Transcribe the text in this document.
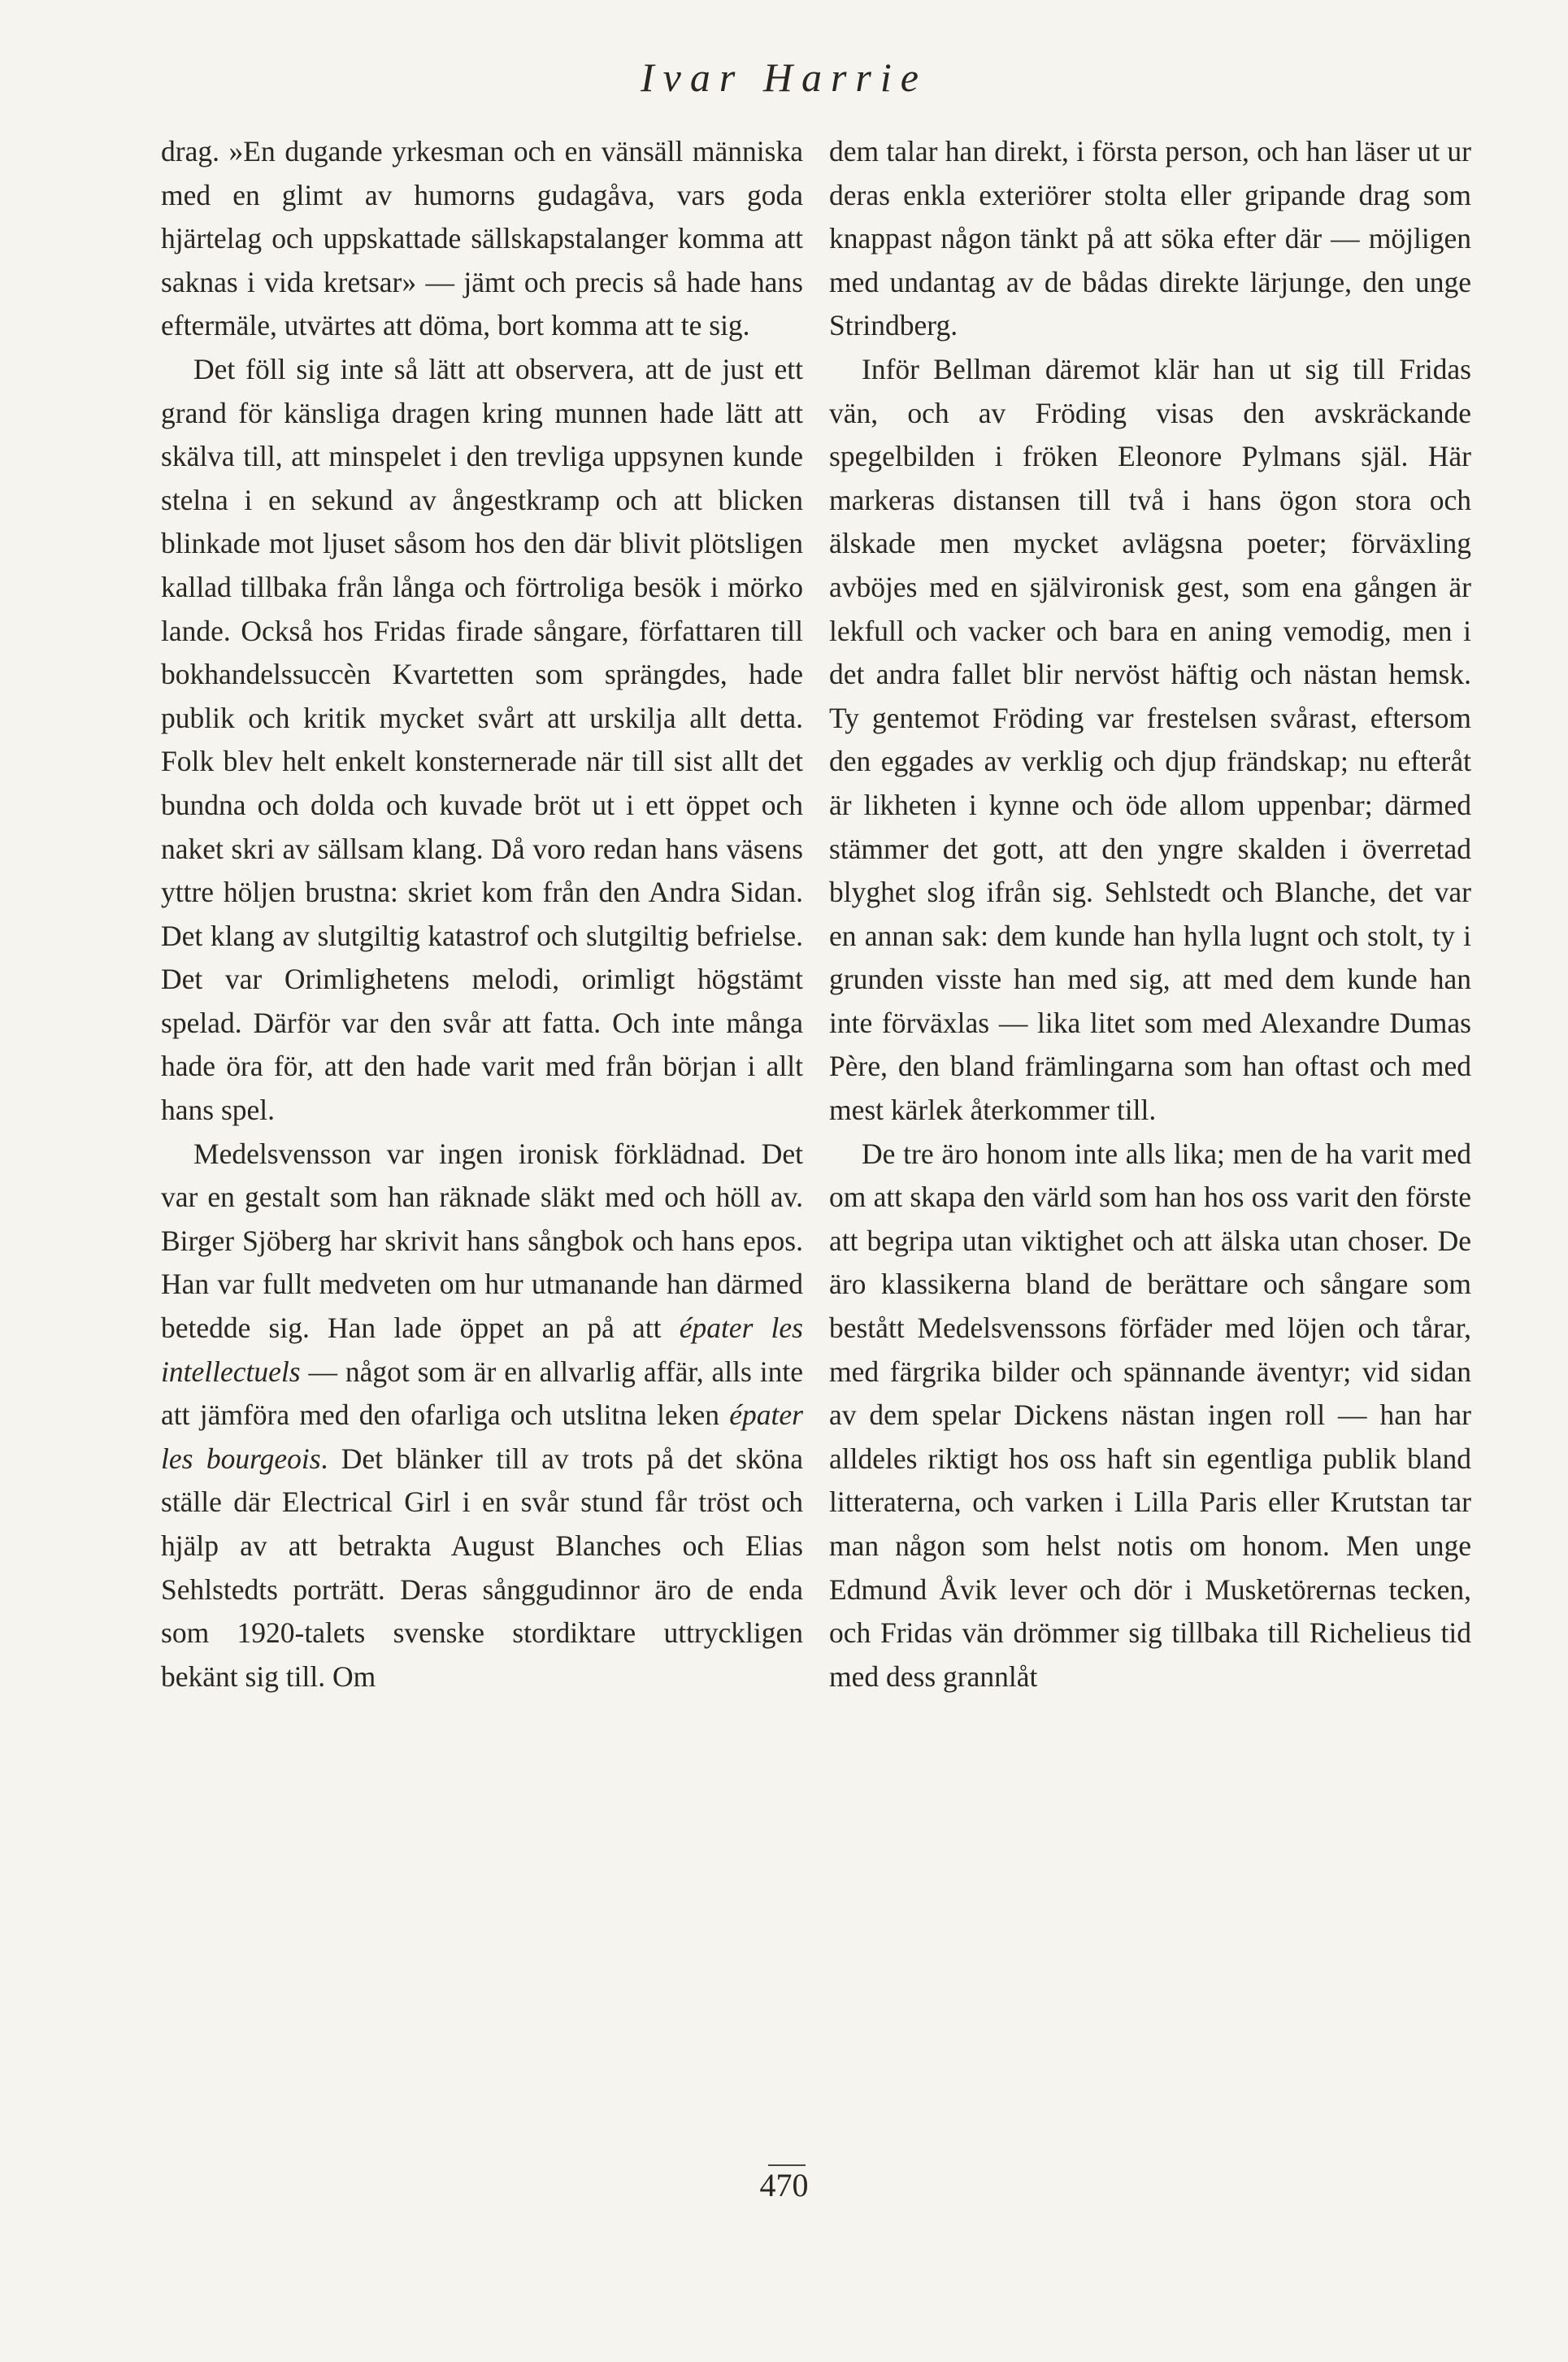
Ivar Harrie

drag. »En dugande yrkesman och en vänsäll människa med en glimt av humorns gudagåva, vars goda hjärtelag och uppskattade sällskapstalanger komma att saknas i vida kretsar» — jämt och precis så hade hans eftermäle, utvärtes att döma, bort komma att te sig.

Det föll sig inte så lätt att observera, att de just ett grand för känsliga dragen kring munnen hade lätt att skälva till, att minspelet i den trevliga uppsynen kunde stelna i en sekund av ångestkramp och att blicken blinkade mot ljuset såsom hos den där blivit plötsligen kallad tillbaka från långa och förtroliga besök i mörko lande. Också hos Fridas firade sångare, författaren till bokhandelssuccèn Kvartetten som sprängdes, hade publik och kritik mycket svårt att urskilja allt detta. Folk blev helt enkelt konsternerade när till sist allt det bundna och dolda och kuvade bröt ut i ett öppet och naket skri av sällsam klang. Då voro redan hans väsens yttre höljen brustna: skriet kom från den Andra Sidan. Det klang av slutgiltig katastrof och slutgiltig befrielse. Det var Orimlighetens melodi, orimligt högstämt spelad. Därför var den svår att fatta. Och inte många hade öra för, att den hade varit med från början i allt hans spel.

Medelsvensson var ingen ironisk förklädnad. Det var en gestalt som han räknade släkt med och höll av. Birger Sjöberg har skrivit hans sångbok och hans epos. Han var fullt medveten om hur utmanande han därmed betedde sig. Han lade öppet an på att épater les intellectuels — något som är en allvarlig affär, alls inte att jämföra med den ofarliga och utslitna leken épater les bourgeois. Det blänker till av trots på det sköna ställe där Electrical Girl i en svår stund får tröst och hjälp av att betrakta August Blanches och Elias Sehlstedts porträtt. Deras sånggudinnor äro de enda som 1920-talets svenske stordiktare uttryckligen bekänt sig till. Om

dem talar han direkt, i första person, och han läser ut ur deras enkla exteriörer stolta eller gripande drag som knappast någon tänkt på att söka efter där — möjligen med undantag av de bådas direkte lärjunge, den unge Strindberg.

Inför Bellman däremot klär han ut sig till Fridas vän, och av Fröding visas den avskräckande spegelbilden i fröken Eleonore Pylmans själ. Här markeras distansen till två i hans ögon stora och älskade men mycket avlägsna poeter; förväxling avböjes med en självironisk gest, som ena gången är lekfull och vacker och bara en aning vemodig, men i det andra fallet blir nervöst häftig och nästan hemsk. Ty gentemot Fröding var frestelsen svårast, eftersom den eggades av verklig och djup frändskap; nu efteråt är likheten i kynne och öde allom uppenbar; därmed stämmer det gott, att den yngre skalden i överretad blyghet slog ifrån sig. Sehlstedt och Blanche, det var en annan sak: dem kunde han hylla lugnt och stolt, ty i grunden visste han med sig, att med dem kunde han inte förväxlas — lika litet som med Alexandre Dumas Père, den bland främlingarna som han oftast och med mest kärlek återkommer till.

De tre äro honom inte alls lika; men de ha varit med om att skapa den värld som han hos oss varit den förste att begripa utan viktighet och att älska utan choser. De äro klassikerna bland de berättare och sångare som bestått Medelsvenssons förfäder med löjen och tårar, med färgrika bilder och spännande äventyr; vid sidan av dem spelar Dickens nästan ingen roll — han har alldeles riktigt hos oss haft sin egentliga publik bland litteraterna, och varken i Lilla Paris eller Krutstan tar man någon som helst notis om honom. Men unge Edmund Åvik lever och dör i Musketörernas tecken, och Fridas vän drömmer sig tillbaka till Richelieus tid med dess grannlåt

470
